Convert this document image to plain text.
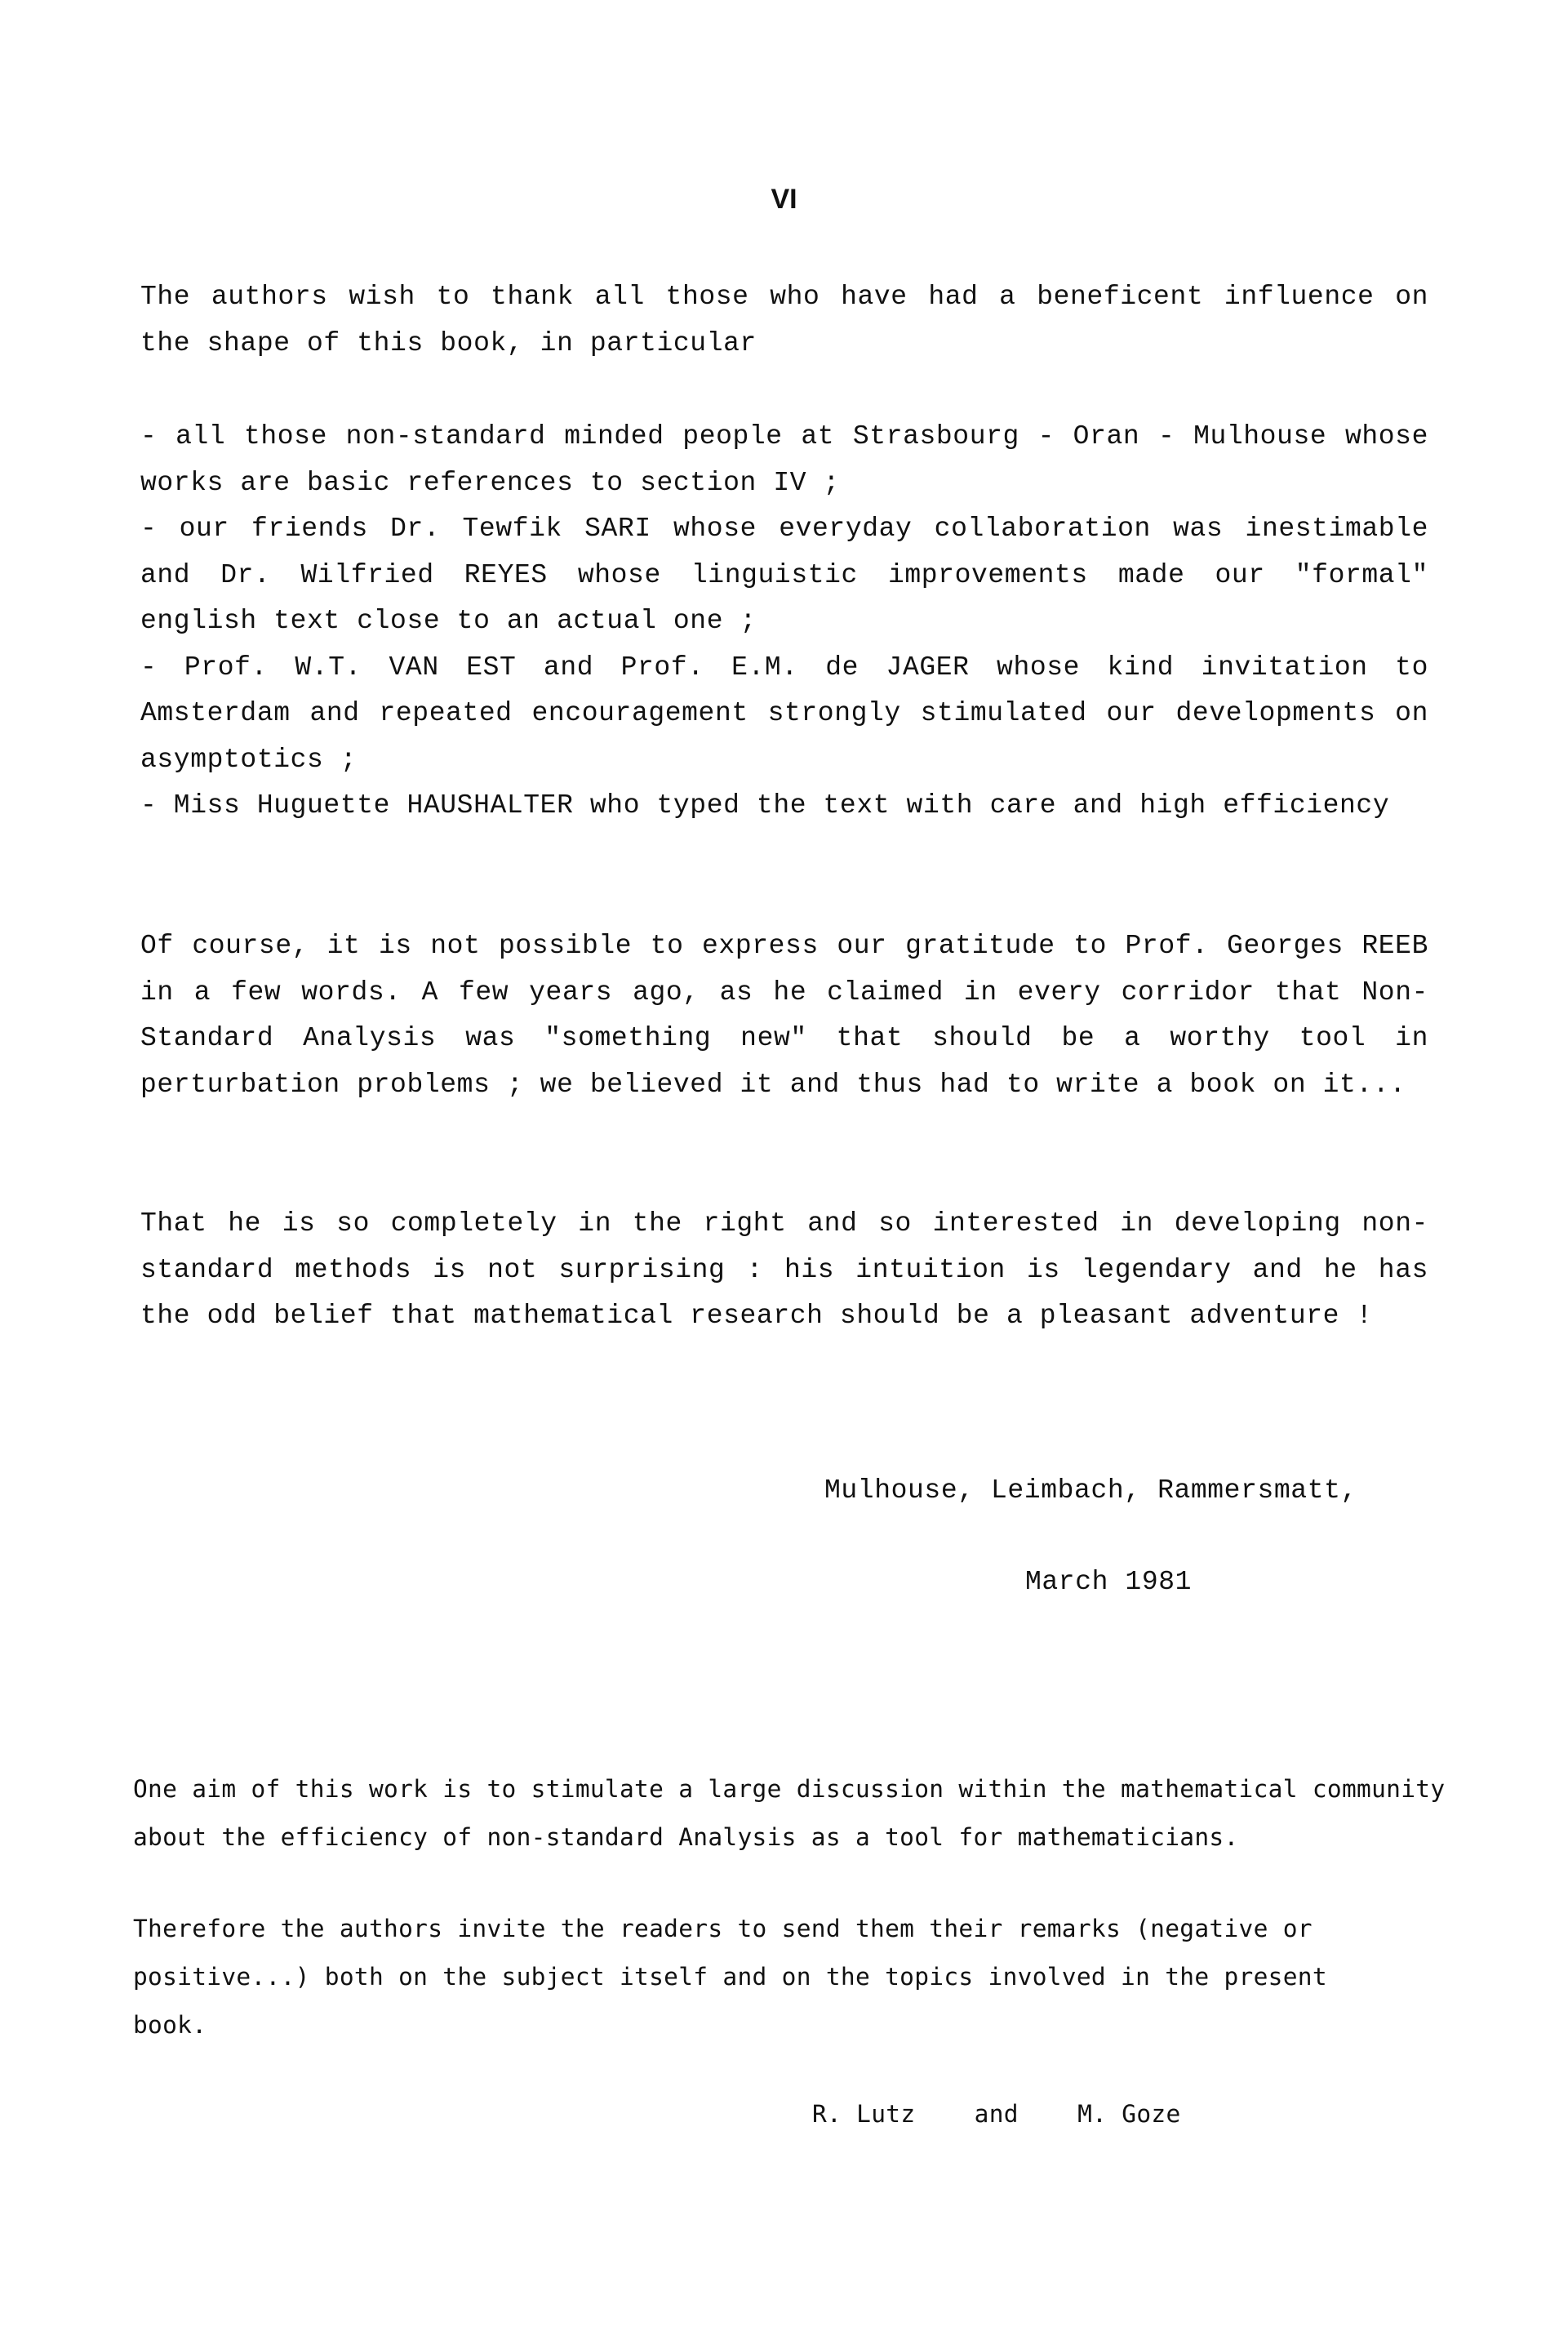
VI

The authors wish to thank all those who have had a beneficent influence on the shape of this book, in particular

- all those non-standard minded people at Strasbourg - Oran - Mulhouse whose works are basic references to section IV ;

- our friends Dr. Tewfik SARI whose everyday collaboration was inestimable and Dr. Wilfried REYES whose linguistic improvements made our "formal" english text close to an actual one ;

- Prof. W.T. VAN EST and Prof. E.M. de JAGER whose kind invitation to Amsterdam and repeated encouragement strongly stimulated our developments on asymptotics ;

- Miss Huguette HAUSHALTER who typed the text with care and high efficiency

Of course, it is not possible to express our gratitude to Prof. Georges REEB in a few words. A few years ago, as he claimed in every corridor that Non-Standard Analysis was "something new" that should be a worthy tool in perturbation problems ; we believed it and thus had to write a book on it...

That he is so completely in the right and so interested in developing non-standard methods is not surprising : his intuition is legendary and he has the odd belief that mathematical research should be a pleasant adventure !

Mulhouse, Leimbach, Rammersmatt,
March 1981

One aim of this work is to stimulate a large discussion within the mathematical community about the efficiency of non-standard Analysis as a tool for mathematicians.

Therefore the authors invite the readers to send them their remarks (negative or positive...) both on the subject itself and on the topics involved in the present book.

R. Lutz    and    M. Goze
